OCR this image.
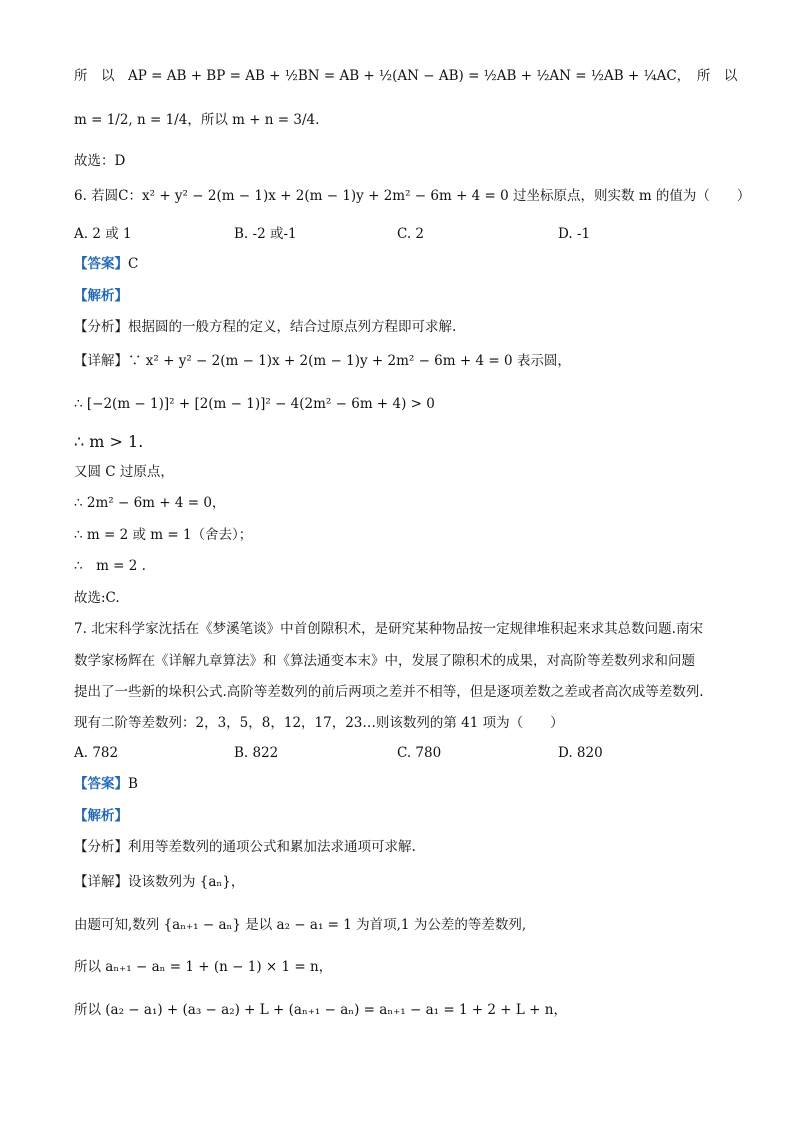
所　以　AP = AB + BP = AB + ½BN = AB + ½(AN − AB) = ½AB + ½AN = ½AB + ¼AC，　所　以
m = 1/2, n = 1/4，所以 m + n = 3/4.
故选：D
6. 若圆C：x² + y² − 2(m − 1)x + 2(m − 1)y + 2m² − 6m + 4 = 0 过坐标原点，则实数 m 的值为（　　）
A. 2 或 1	B. -2 或-1	C. 2	D. -1
【答案】C
【解析】
【分析】根据圆的一般方程的定义，结合过原点列方程即可求解.
【详解】∵ x² + y² − 2(m − 1)x + 2(m − 1)y + 2m² − 6m + 4 = 0 表示圆，
∴ [−2(m − 1)]² + [2(m − 1)]² − 4(2m² − 6m + 4) > 0
∴ m > 1.
又圆 C 过原点，
∴ 2m² − 6m + 4 = 0，
∴ m = 2 或 m = 1（舍去）；
∴　m = 2 .
故选:C.
7. 北宋科学家沈括在《梦溪笔谈》中首创隙积术，是研究某种物品按一定规律堆积起来求其总数问题.南宋
数学家杨辉在《详解九章算法》和《算法通变本末》中，发展了隙积术的成果，对高阶等差数列求和问题
提出了一些新的垛积公式.高阶等差数列的前后两项之差并不相等，但是逐项差数之差或者高次成等差数列.
现有二阶等差数列：2，3，5，8，12，17，23…则该数列的第 41 项为（　　）
A. 782	B. 822	C. 780	D. 820
【答案】B
【解析】
【分析】利用等差数列的通项公式和累加法求通项可求解.
【详解】设该数列为 {aₙ}，
由题可知,数列 {aₙ₊₁ − aₙ} 是以 a₂ − a₁ = 1 为首项,1 为公差的等差数列,
所以 aₙ₊₁ − aₙ = 1 + (n − 1) × 1 = n，
所以 (a₂ − a₁) + (a₃ − a₂) + L + (aₙ₊₁ − aₙ) = aₙ₊₁ − a₁ = 1 + 2 + L + n，
